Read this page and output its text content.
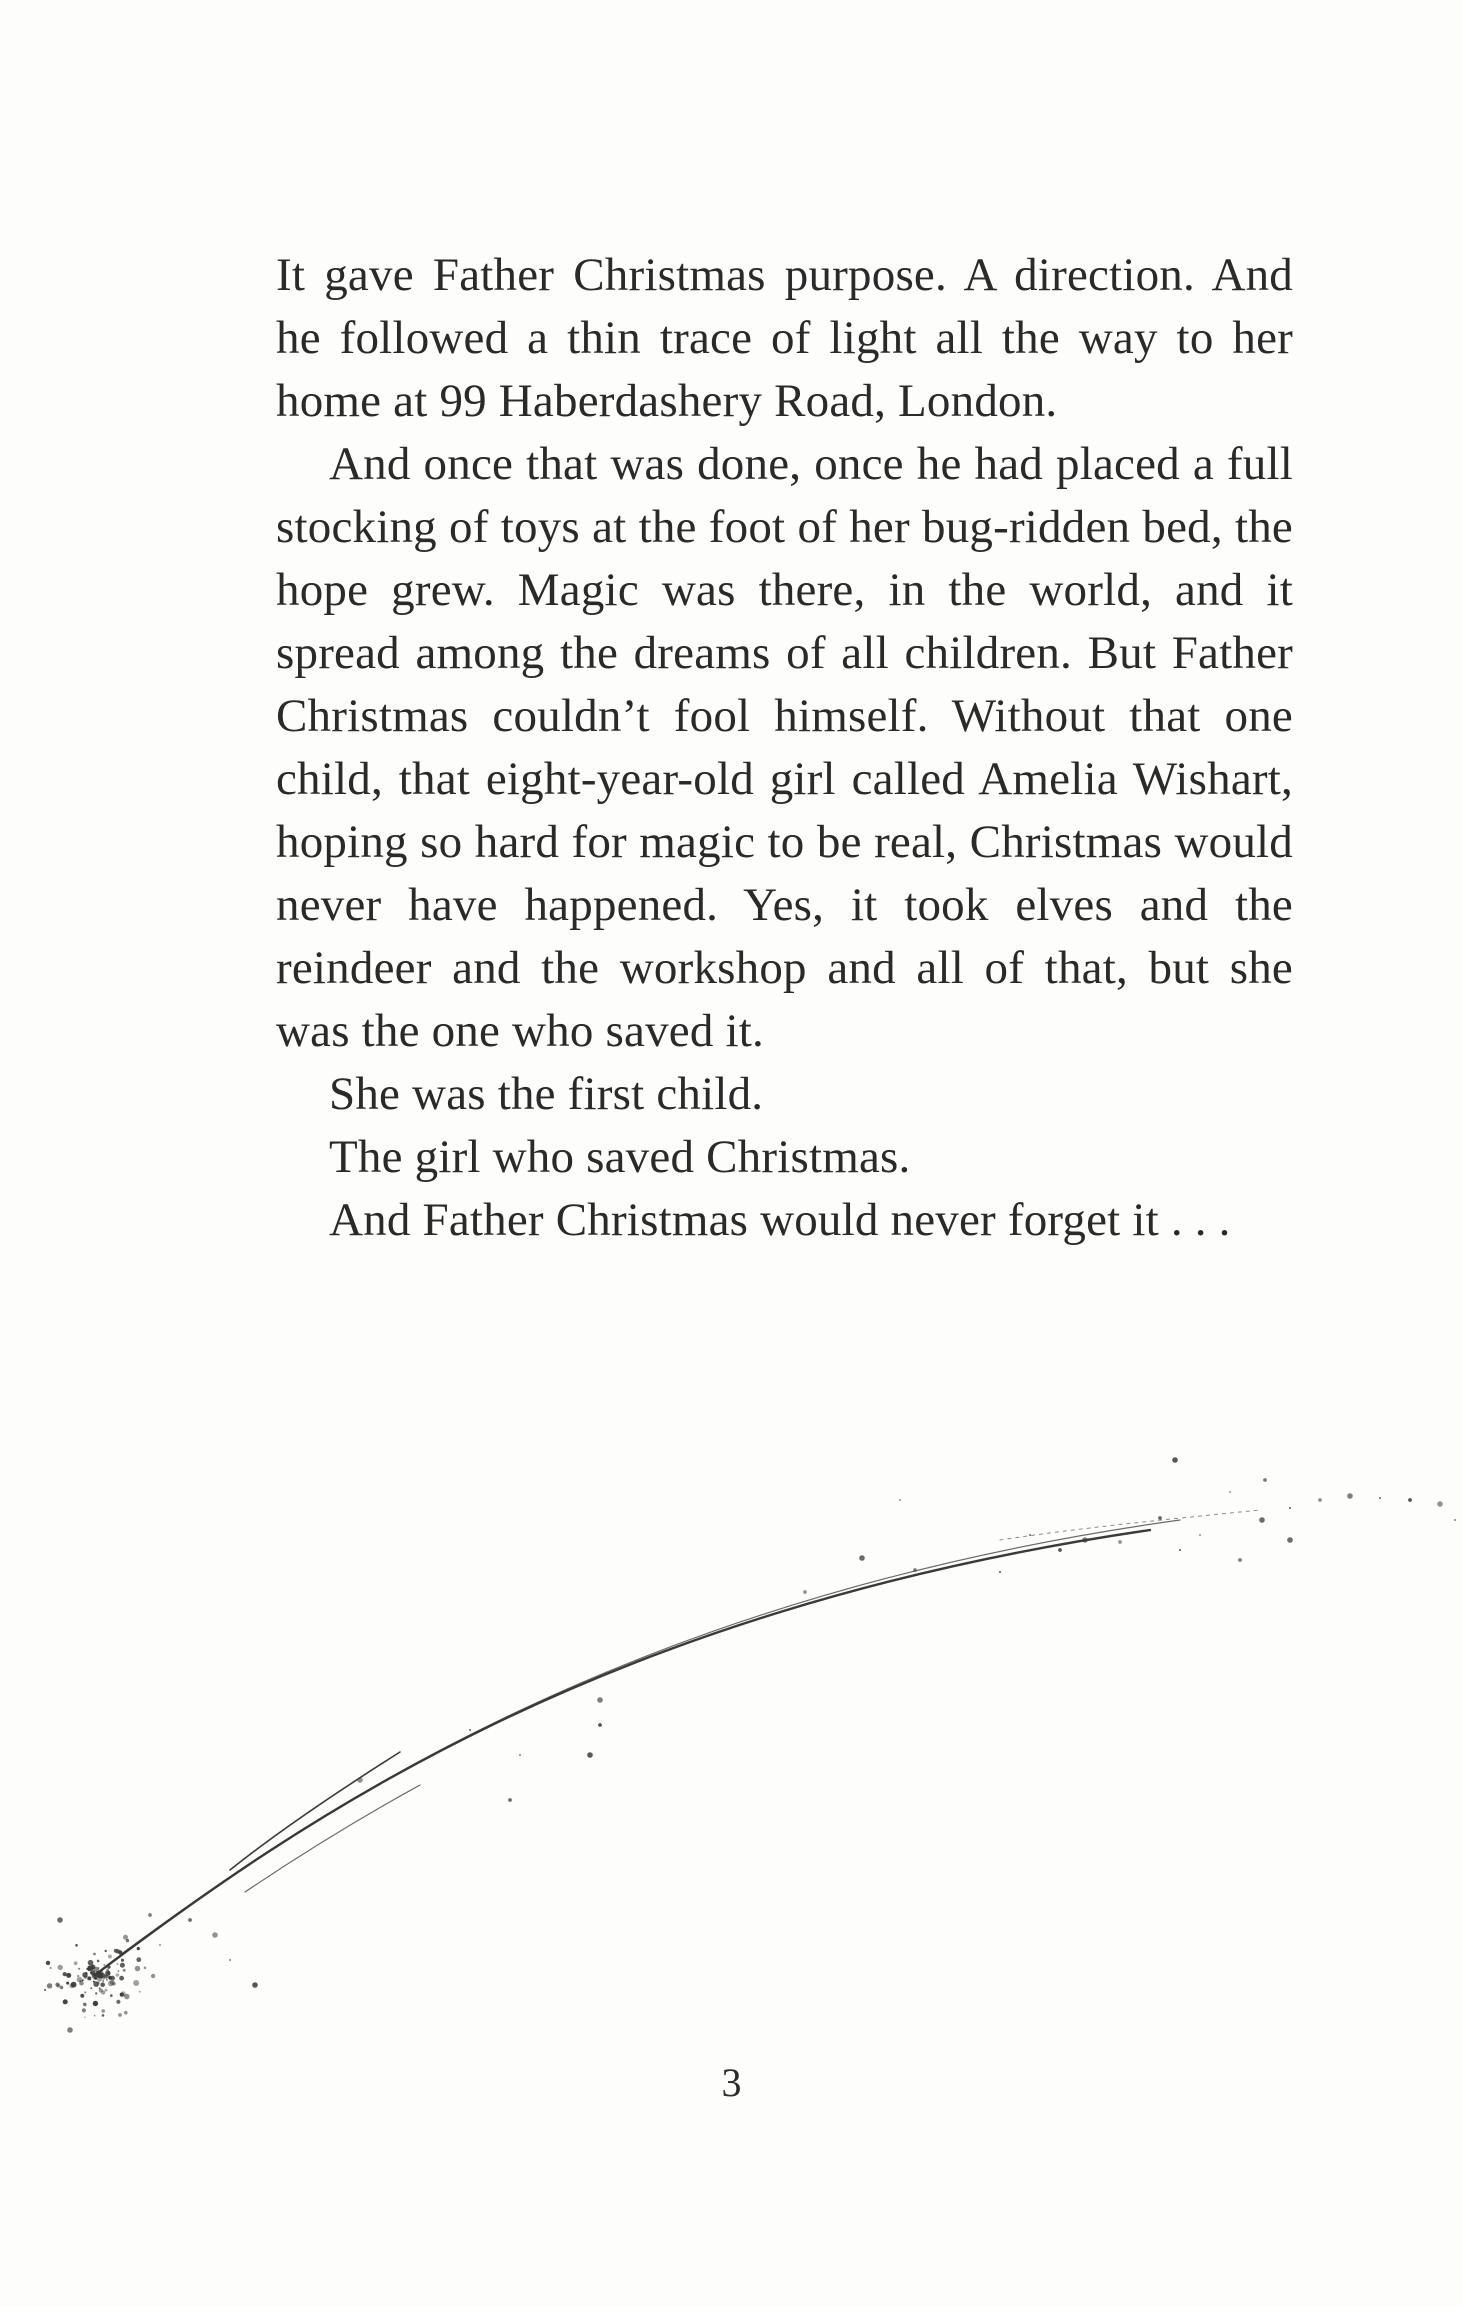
It gave Father Christmas purpose. A direction. And he followed a thin trace of light all the way to her home at 99 Haberdashery Road, London.

And once that was done, once he had placed a full stocking of toys at the foot of her bug-ridden bed, the hope grew. Magic was there, in the world, and it spread among the dreams of all children. But Father Christmas couldn’t fool himself. Without that one child, that eight-year-old girl called Amelia Wishart, hoping so hard for magic to be real, Christmas would never have happened. Yes, it took elves and the reindeer and the workshop and all of that, but she was the one who saved it.

She was the first child.

The girl who saved Christmas.

And Father Christmas would never forget it . . .

3
